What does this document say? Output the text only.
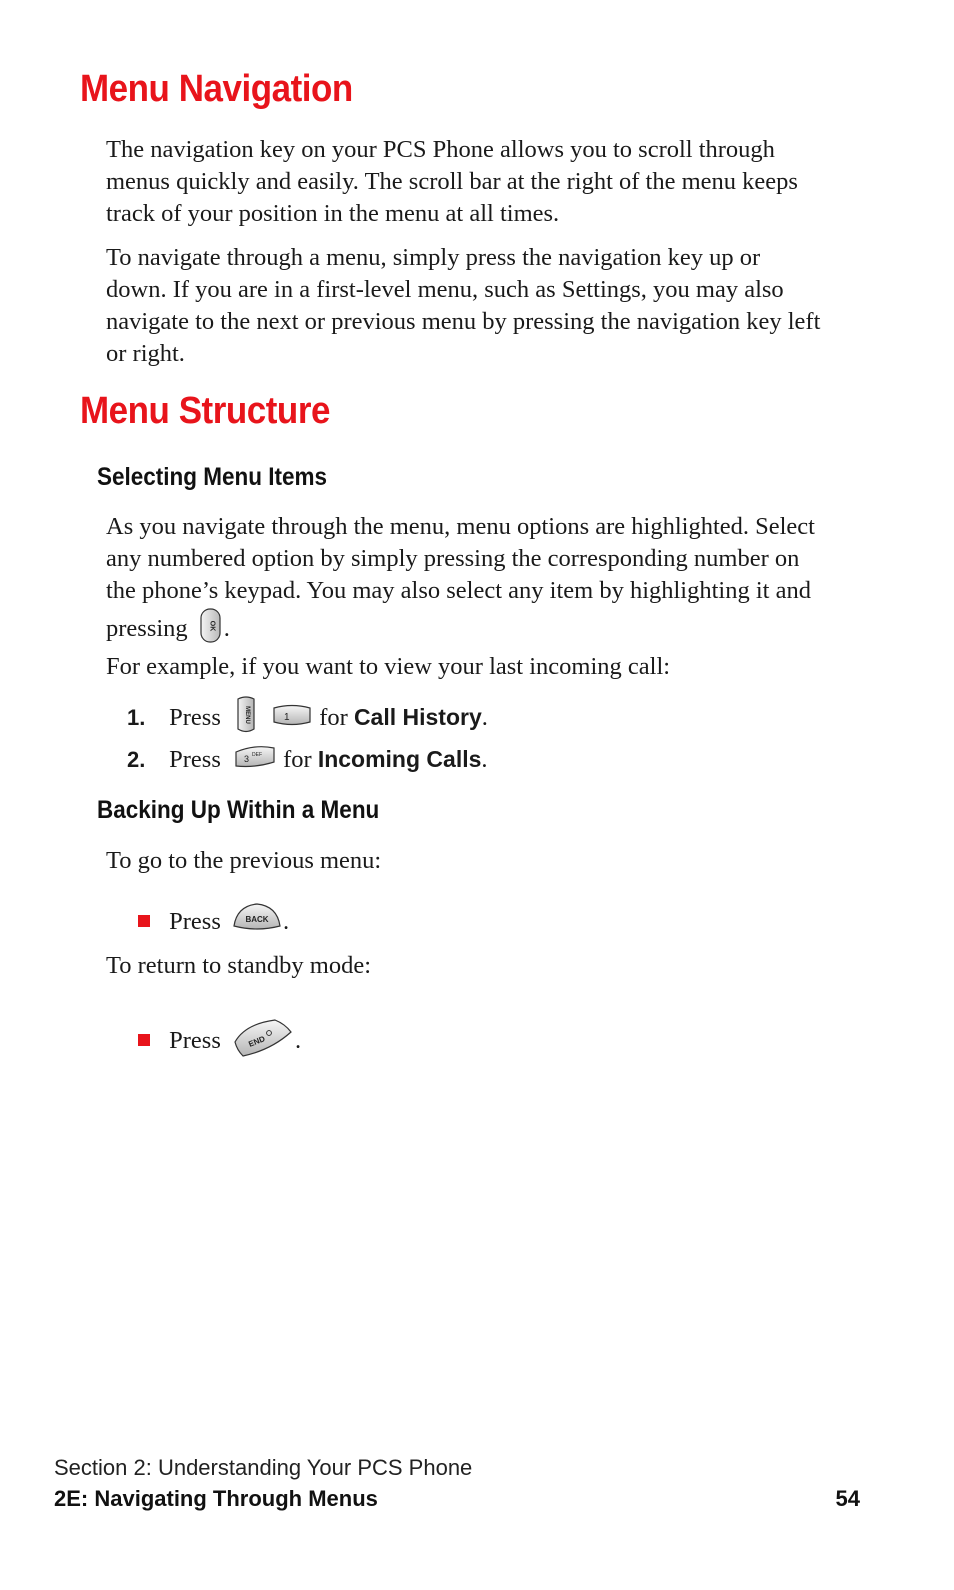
Menu Navigation

The navigation key on your PCS Phone allows you to scroll through menus quickly and easily. The scroll bar at the right of the menu keeps track of your position in the menu at all times.

To navigate through a menu, simply press the navigation key up or down. If you are in a first-level menu, such as Settings, you may also navigate to the next or previous menu by pressing the navigation key left or right.

Menu Structure
Selecting Menu Items

As you navigate through the menu, menu options are highlighted. Select any numbered option by simply pressing the corresponding number on the phone’s keypad. You may also select any item by highlighting it and pressing	OK .

For example, if you want to view your last incoming call:

1. Press	MENU
	1 for Call History.
2. Press	3 DEF for Incoming Calls.
Backing Up Within a Menu

To go to the previous menu:

Press	BACK .

To return to standby mode:

Press	END .
Section 2: Understanding Your PCS Phone
2E: Navigating Through Menus	54
